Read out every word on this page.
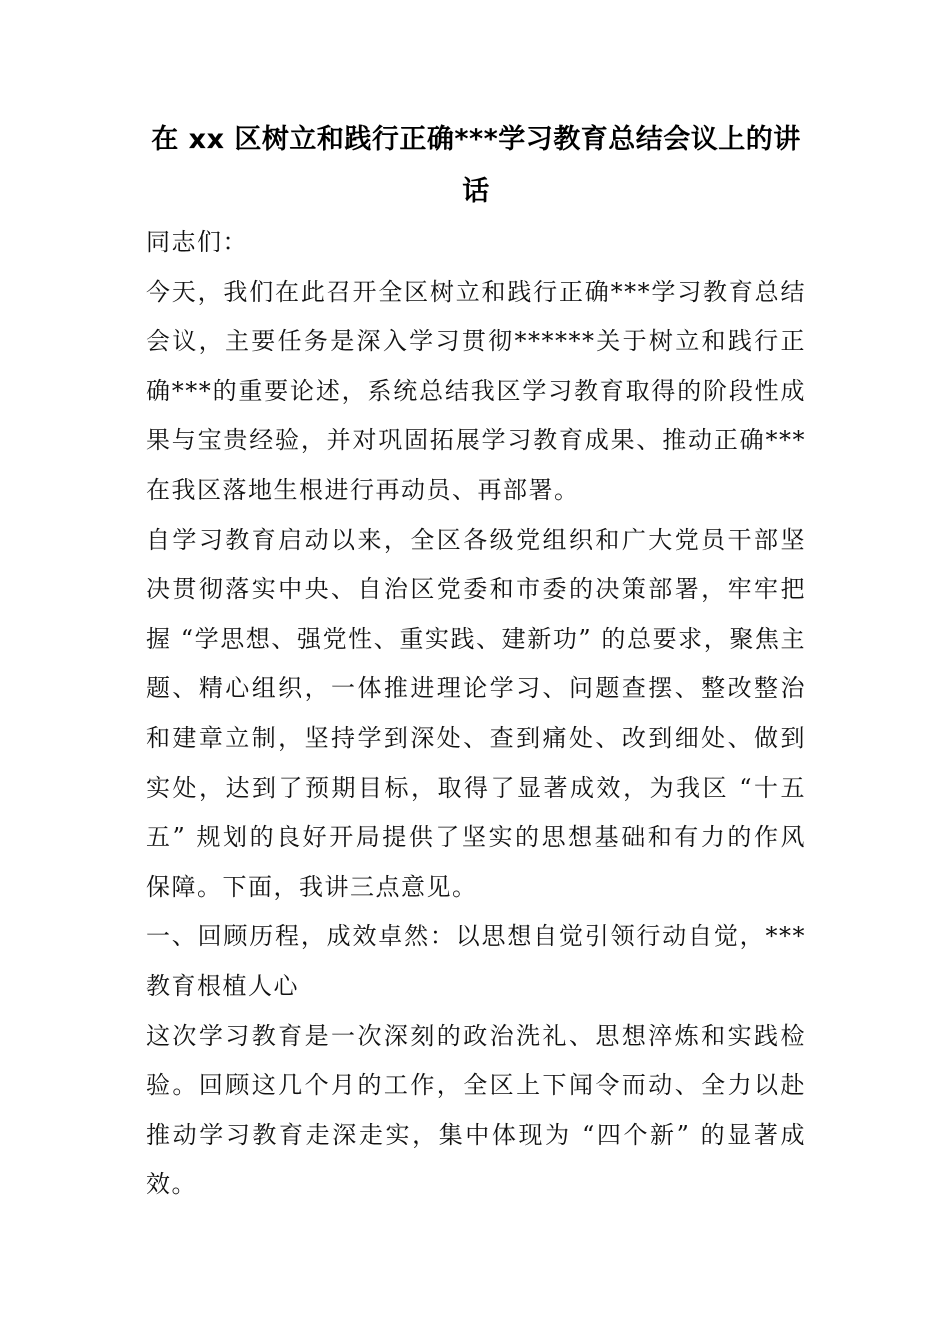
在 xx 区树立和践行正确***学习教育总结会议上的讲话

同志们：

今天，我们在此召开全区树立和践行正确***学习教育总结会议，主要任务是深入学习贯彻******关于树立和践行正确***的重要论述，系统总结我区学习教育取得的阶段性成果与宝贵经验，并对巩固拓展学习教育成果、推动正确***在我区落地生根进行再动员、再部署。

自学习教育启动以来，全区各级党组织和广大党员干部坚决贯彻落实中央、自治区党委和市委的决策部署，牢牢把握 “学思想、强党性、重实践、建新功” 的总要求，聚焦主题、精心组织，一体推进理论学习、问题查摆、整改整治和建章立制，坚持学到深处、查到痛处、改到细处、做到实处，达到了预期目标，取得了显著成效，为我区 “十五五” 规划的良好开局提供了坚实的思想基础和有力的作风保障。下面，我讲三点意见。

一、回顾历程，成效卓然：以思想自觉引领行动自觉，***教育根植人心

这次学习教育是一次深刻的政治洗礼、思想淬炼和实践检验。回顾这几个月的工作，全区上下闻令而动、全力以赴推动学习教育走深走实，集中体现为 “四个新” 的显著成效。
